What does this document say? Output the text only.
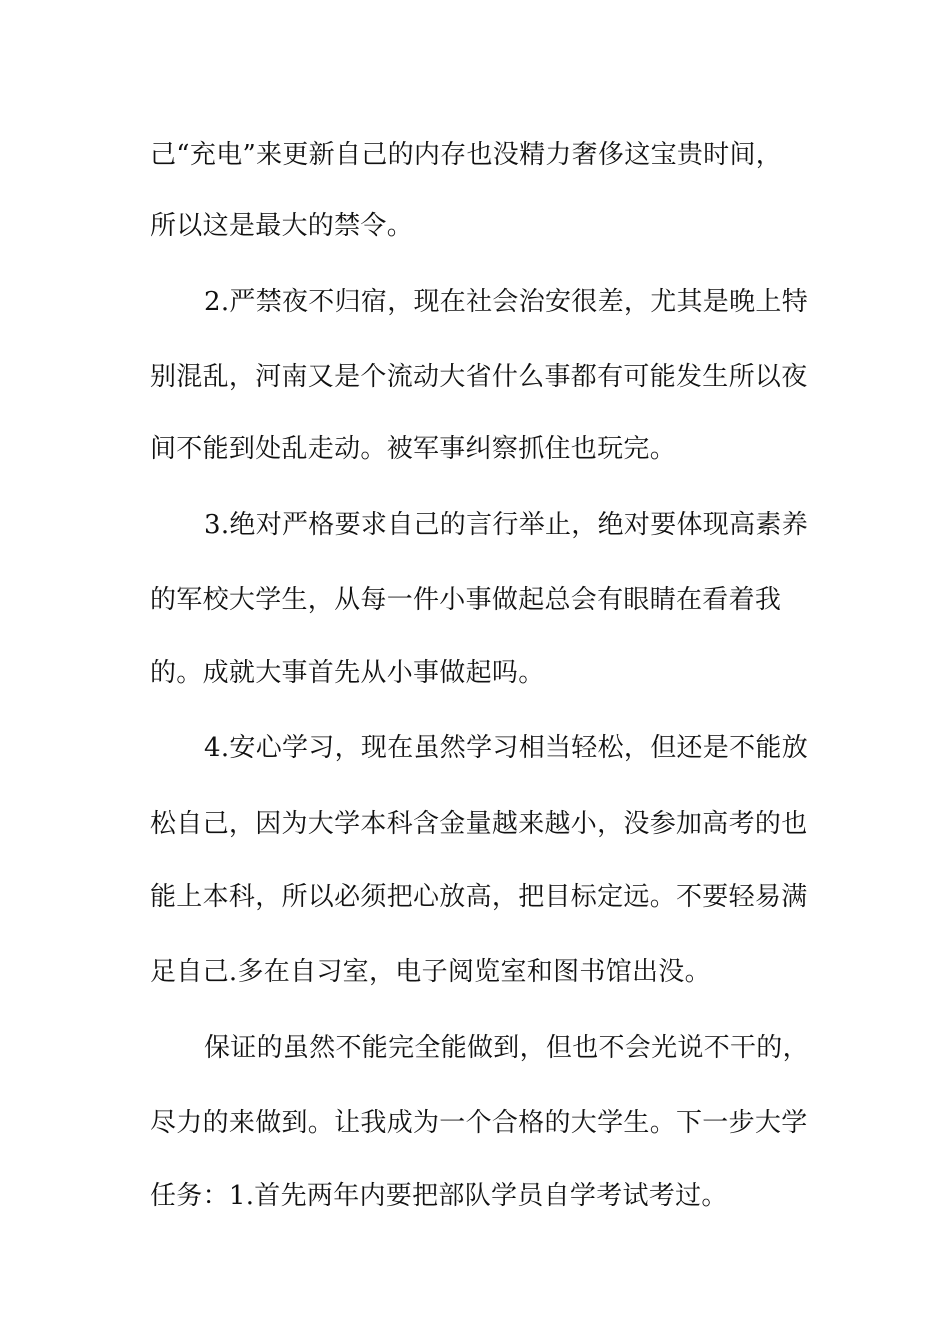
己“充电”来更新自己的内存也没精力奢侈这宝贵时间，
所以这是最大的禁令。
2.严禁夜不归宿，现在社会治安很差，尤其是晚上特
别混乱，河南又是个流动大省什么事都有可能发生所以夜
间不能到处乱走动。被军事纠察抓住也玩完。
3.绝对严格要求自己的言行举止，绝对要体现高素养
的军校大学生，从每一件小事做起总会有眼睛在看着我
的。成就大事首先从小事做起吗。
4.安心学习，现在虽然学习相当轻松，但还是不能放
松自己，因为大学本科含金量越来越小，没参加高考的也
能上本科，所以必须把心放高，把目标定远。不要轻易满
足自己.多在自习室，电子阅览室和图书馆出没。
保证的虽然不能完全能做到，但也不会光说不干的，
尽力的来做到。让我成为一个合格的大学生。下一步大学
任务：1.首先两年内要把部队学员自学考试考过。
